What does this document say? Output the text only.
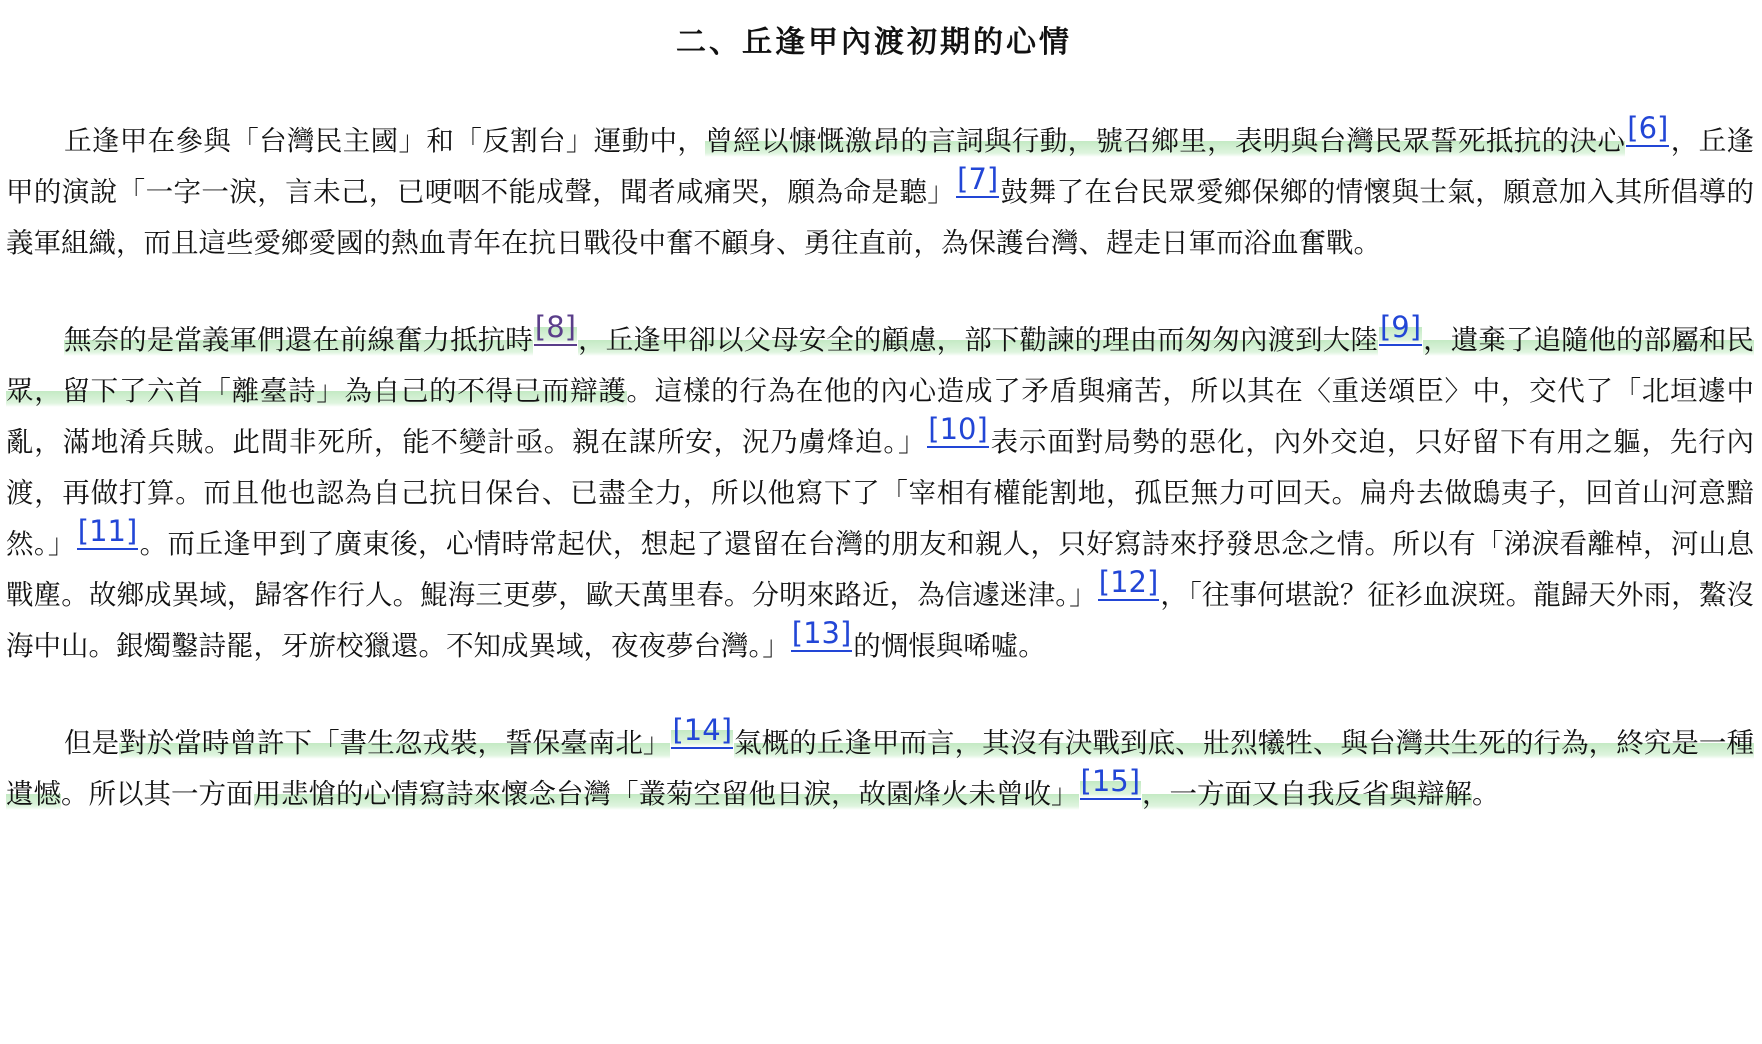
二、丘逢甲內渡初期的心情

丘逢甲在參與「台灣民主國」和「反割台」運動中，曾經以慷慨激昂的言詞與行動，號召鄉里，表明與台灣民眾誓死抵抗的決心[6]，丘逢甲的演說「一字一淚，言未己，已哽咽不能成聲，聞者咸痛哭，願為命是聽」[7]鼓舞了在台民眾愛鄉保鄉的情懷與士氣，願意加入其所倡導的義軍組織，而且這些愛鄉愛國的熱血青年在抗日戰役中奮不顧身、勇往直前，為保護台灣、趕走日軍而浴血奮戰。

無奈的是當義軍們還在前線奮力抵抗時[8]，丘逢甲卻以父母安全的顧慮，部下勸諫的理由而匆匆內渡到大陸[9]，遺棄了追隨他的部屬和民眾，留下了六首「離臺詩」為自己的不得已而辯護。這樣的行為在他的內心造成了矛盾與痛苦，所以其在〈重送頌臣〉中，交代了「北垣遽中亂，滿地淆兵賊。此間非死所，能不變計亟。親在謀所安，況乃虜烽迫。」[10]表示面對局勢的惡化，內外交迫，只好留下有用之軀，先行內渡，再做打算。而且他也認為自己抗日保台、已盡全力，所以他寫下了「宰相有權能割地，孤臣無力可回天。扁舟去做鴟夷子，回首山河意黯然。」[11]。而丘逢甲到了廣東後，心情時常起伏，想起了還留在台灣的朋友和親人，只好寫詩來抒發思念之情。所以有「涕淚看離棹，河山息戰塵。故鄉成異域，歸客作行人。鯤海三更夢，歐天萬里春。分明來路近，為信遽迷津。」[12]，「往事何堪說？征衫血淚斑。龍歸天外雨，鰲沒海中山。銀燭鑿詩罷，牙旂校獵還。不知成異域，夜夜夢台灣。」[13]的惆悵與唏噓。

但是對於當時曾許下「書生忽戎裝，誓保臺南北」[14]氣概的丘逢甲而言，其沒有決戰到底、壯烈犧牲、與台灣共生死的行為，終究是一種遺憾。所以其一方面用悲愴的心情寫詩來懷念台灣「叢菊空留他日淚，故園烽火未曾收」[15]，一方面又自我反省與辯解。
